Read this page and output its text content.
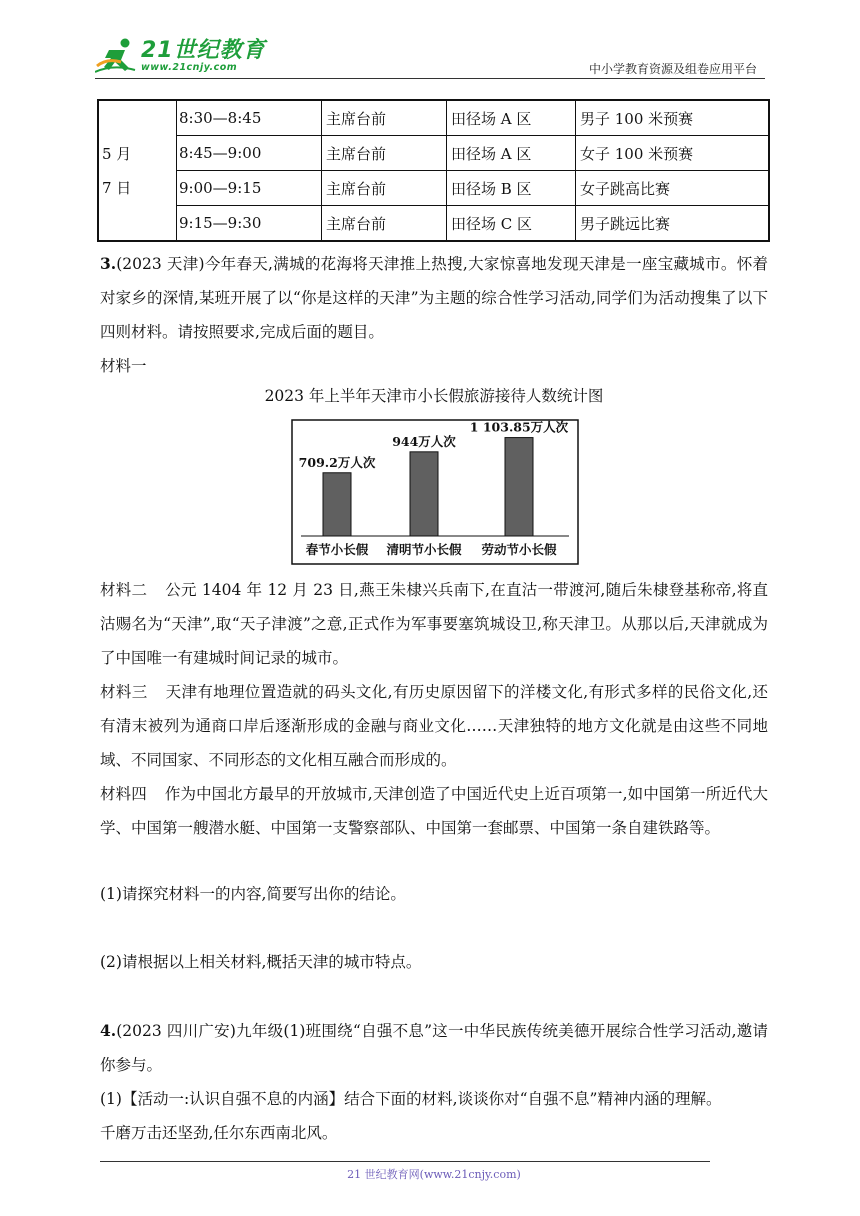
21世纪教育
www.21cnjy.com	中小学教育资源及组卷应用平台
5 月
7 日	8:30—8:45	主席台前	田径场 A 区	男子 100 米预赛
	8:45—9:00	主席台前	田径场 A 区	女子 100 米预赛
	9:00—9:15	主席台前	田径场 B 区	女子跳高比赛
	9:15—9:30	主席台前	田径场 C 区	男子跳远比赛
3.(2023 天津)今年春天,满城的花海将天津推上热搜,大家惊喜地发现天津是一座宝藏城市。怀着对家乡的深情,某班开展了以“你是这样的天津”为主题的综合性学习活动,同学们为活动搜集了以下四则材料。请按照要求,完成后面的题目。
材料一
2023 年上半年天津市小长假旅游接待人数统计图
709.2万人次
春节小长假
944万人次
清明节小长假
1 103.85万人次
劳动节小长假
材料二 公元 1404 年 12 月 23 日,燕王朱棣兴兵南下,在直沽一带渡河,随后朱棣登基称帝,将直沽赐名为“天津”,取“天子津渡”之意,正式作为军事要塞筑城设卫,称天津卫。从那以后,天津就成为了中国唯一有建城时间记录的城市。
材料三 天津有地理位置造就的码头文化,有历史原因留下的洋楼文化,有形式多样的民俗文化,还有清末被列为通商口岸后逐渐形成的金融与商业文化……天津独特的地方文化就是由这些不同地域、不同国家、不同形态的文化相互融合而形成的。
材料四 作为中国北方最早的开放城市,天津创造了中国近代史上近百项第一,如中国第一所近代大学、中国第一艘潜水艇、中国第一支警察部队、中国第一套邮票、中国第一条自建铁路等。
(1)请探究材料一的内容,简要写出你的结论。
(2)请根据以上相关材料,概括天津的城市特点。
4.(2023 四川广安)九年级(1)班围绕“自强不息”这一中华民族传统美德开展综合性学习活动,邀请你参与。
(1)【活动一:认识自强不息的内涵】结合下面的材料,谈谈你对“自强不息”精神内涵的理解。
千磨万击还坚劲,任尔东西南北风。
21 世纪教育网(www.21cnjy.com)
